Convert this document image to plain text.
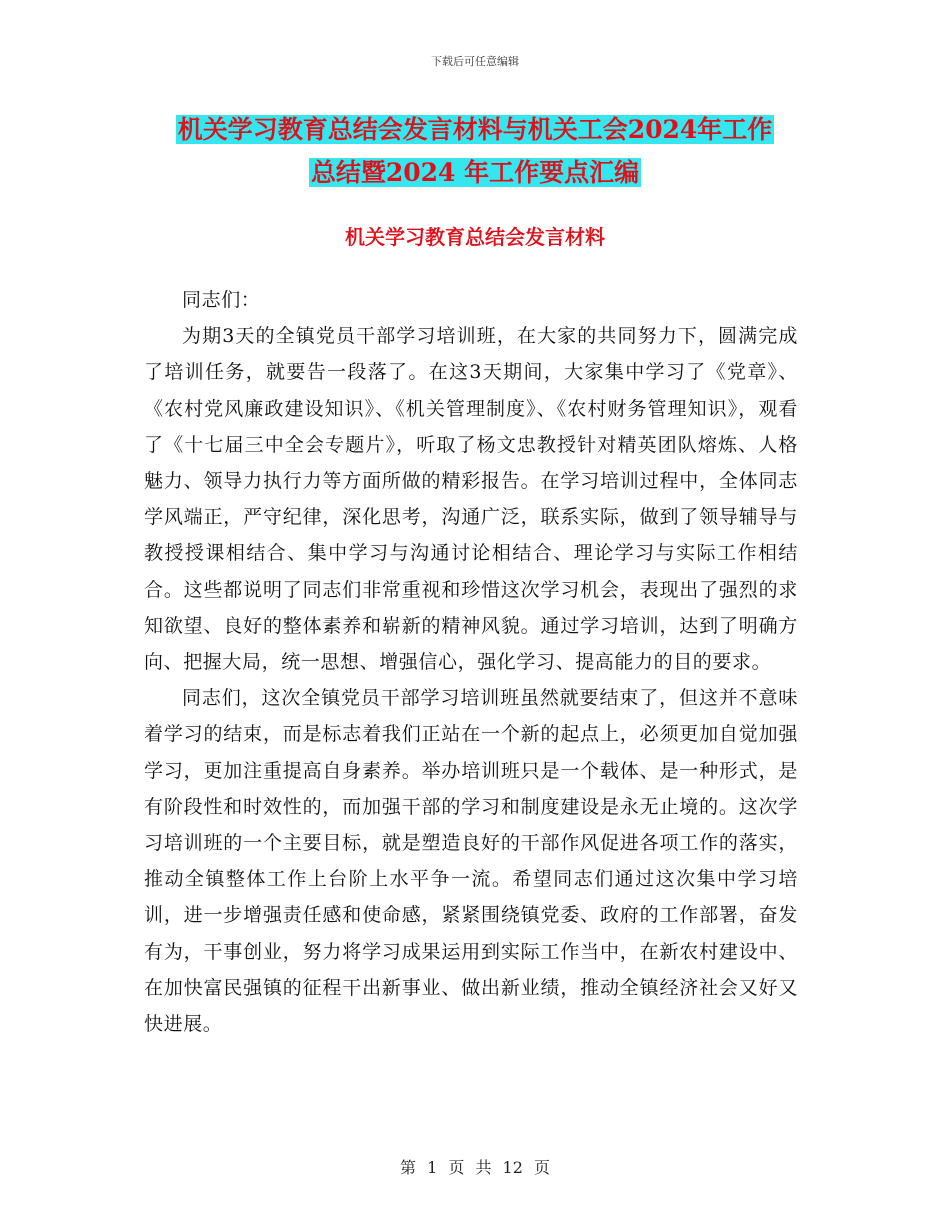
下载后可任意编辑
机关学习教育总结会发言材料与机关工会2024年工作
总结暨2024 年工作要点汇编
机关学习教育总结会发言材料

同志们：

为期3天的全镇党员干部学习培训班，在大家的共同努力下，圆满完成了培训任务，就要告一段落了。在这3天期间，大家集中学习了《党章》、《农村党风廉政建设知识》、《机关管理制度》、《农村财务管理知识》，观看了《十七届三中全会专题片》，听取了杨文忠教授针对精英团队熔炼、人格魅力、领导力执行力等方面所做的精彩报告。在学习培训过程中，全体同志学风端正，严守纪律，深化思考，沟通广泛，联系实际，做到了领导辅导与教授授课相结合、集中学习与沟通讨论相结合、理论学习与实际工作相结合。这些都说明了同志们非常重视和珍惜这次学习机会，表现出了强烈的求知欲望、良好的整体素养和崭新的精神风貌。通过学习培训，达到了明确方向、把握大局，统一思想、增强信心，强化学习、提高能力的目的要求。

同志们，这次全镇党员干部学习培训班虽然就要结束了，但这并不意味着学习的结束，而是标志着我们正站在一个新的起点上，必须更加自觉加强学习，更加注重提高自身素养。举办培训班只是一个载体、是一种形式，是有阶段性和时效性的，而加强干部的学习和制度建设是永无止境的。这次学习培训班的一个主要目标，就是塑造良好的干部作风促进各项工作的落实，推动全镇整体工作上台阶上水平争一流。希望同志们通过这次集中学习培训，进一步增强责任感和使命感，紧紧围绕镇党委、政府的工作部署，奋发有为，干事创业，努力将学习成果运用到实际工作当中，在新农村建设中、在加快富民强镇的征程干出新事业、做出新业绩，推动全镇经济社会又好又快进展。

第 1 页 共 12 页
